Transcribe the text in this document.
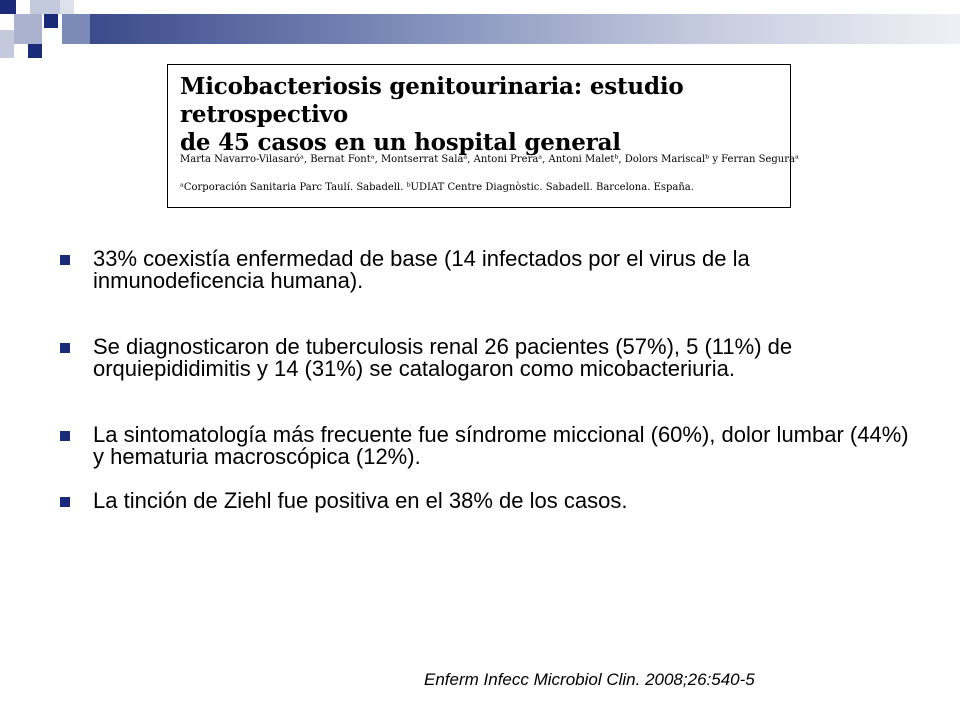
Micobacteriosis genitourinaria: estudio retrospectivo
de 45 casos en un hospital general
Marta Navarro-Vilasaróᵃ, Bernat Fontᵃ, Montserrat Salaᵃ, Antoni Preraᵃ, Antoni Maletᵇ, Dolors Mariscalᵇ y Ferran Seguraᵃ
ᵃCorporación Sanitaria Parc Taulí. Sabadell. ᵇUDIAT Centre Diagnòstic. Sabadell. Barcelona. España.
33% coexistía enfermedad de base (14 infectados por el virus de la inmunodeficencia humana).
Se diagnosticaron de tuberculosis renal 26 pacientes (57%), 5 (11%) de orquiepididimitis y 14 (31%) se catalogaron como micobacteriuria.
La sintomatología más frecuente fue síndrome miccional (60%), dolor lumbar (44%) y hematuria macroscópica (12%).
La tinción de Ziehl fue positiva en el 38% de los casos.
Enferm Infecc Microbiol Clin. 2008;26:540-5
